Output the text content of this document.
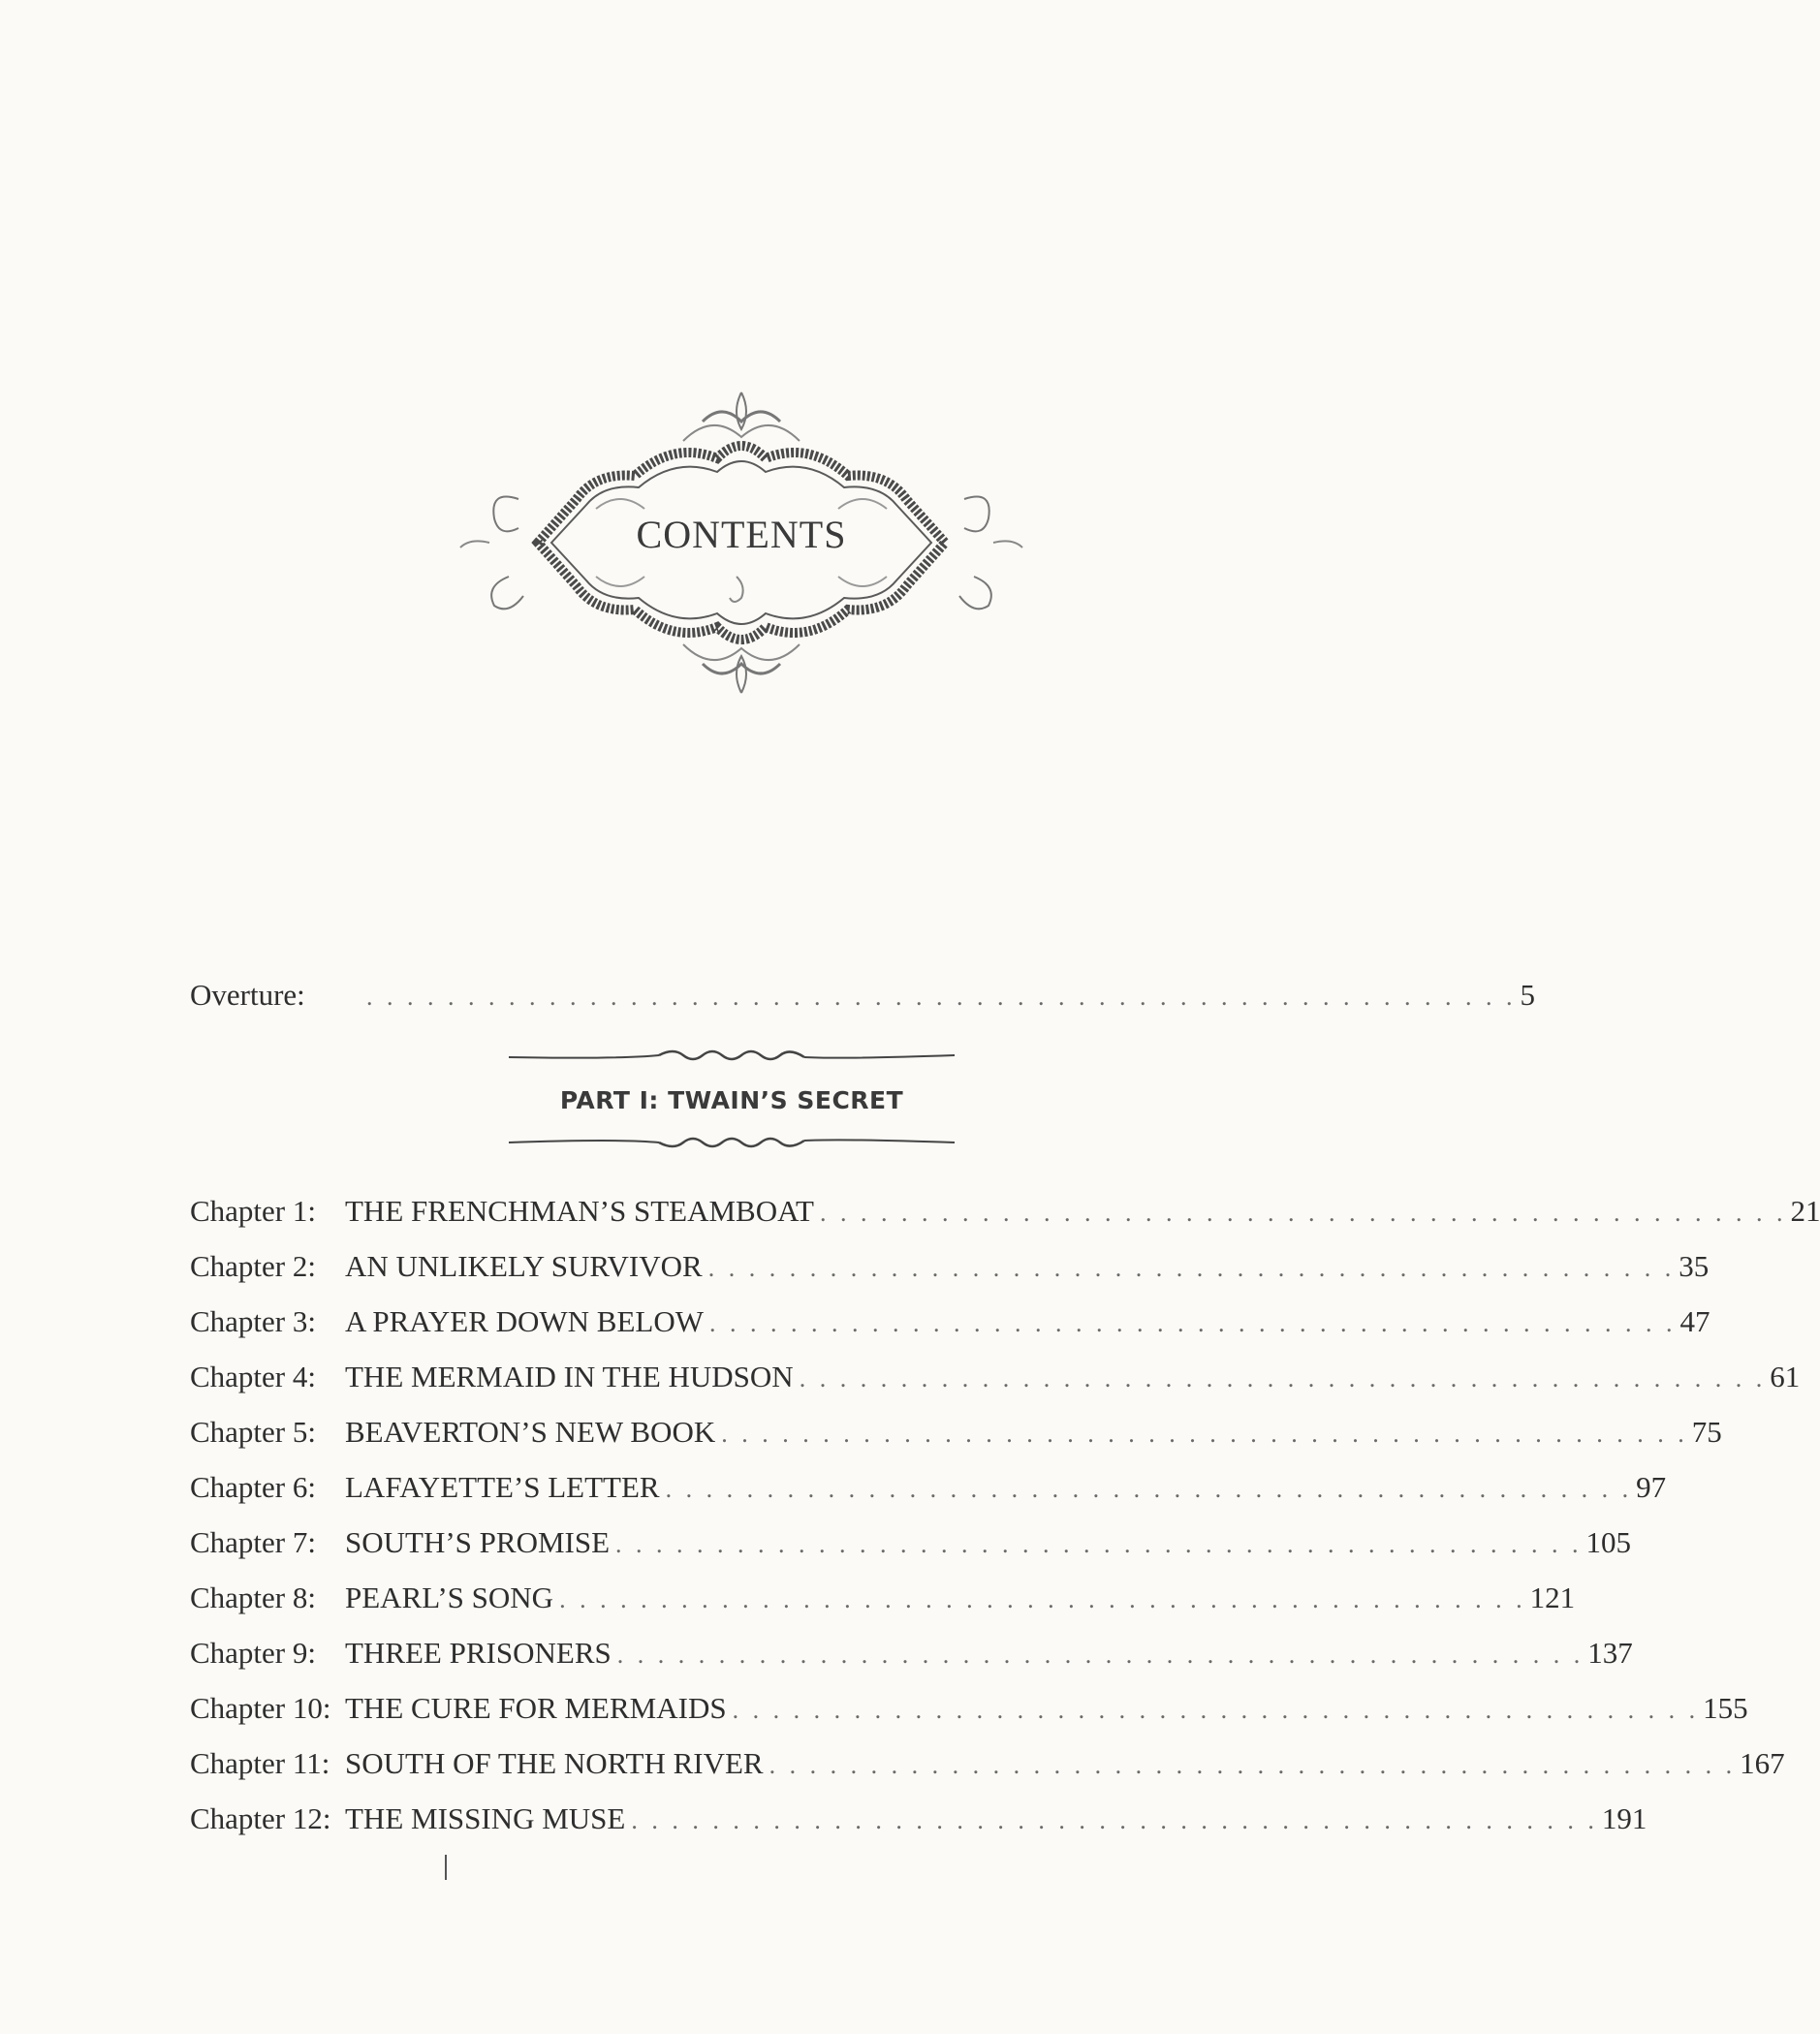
CONTENTS
Overture:	. . . . . . . . . . . . . . . . . . . . . . . . . . . . . . . . . . . . . . . . . . . . . . . . . . . . . . . . . 5
PART I: TWAIN’S SECRET
Chapter 1: THE FRENCHMAN’S STEAMBOAT . . . . . . . . . . . . . . . . . . . . . . . . . . . . . . . . . . . . . . . . . . . . . . . . 21
Chapter 2: AN UNLIKELY SURVIVOR . . . . . . . . . . . . . . . . . . . . . . . . . . . . . . . . . . . . . . . . . . . . . . . . 35
Chapter 3: A PRAYER DOWN BELOW . . . . . . . . . . . . . . . . . . . . . . . . . . . . . . . . . . . . . . . . . . . . . . . . 47
Chapter 4: THE MERMAID IN THE HUDSON . . . . . . . . . . . . . . . . . . . . . . . . . . . . . . . . . . . . . . . . . . . . . . . . 61
Chapter 5: BEAVERTON’S NEW BOOK . . . . . . . . . . . . . . . . . . . . . . . . . . . . . . . . . . . . . . . . . . . . . . . . 75
Chapter 6: LAFAYETTE’S LETTER . . . . . . . . . . . . . . . . . . . . . . . . . . . . . . . . . . . . . . . . . . . . . . . . 97
Chapter 7: SOUTH’S PROMISE . . . . . . . . . . . . . . . . . . . . . . . . . . . . . . . . . . . . . . . . . . . . . . . . 105
Chapter 8: PEARL’S SONG . . . . . . . . . . . . . . . . . . . . . . . . . . . . . . . . . . . . . . . . . . . . . . . . 121
Chapter 9: THREE PRISONERS . . . . . . . . . . . . . . . . . . . . . . . . . . . . . . . . . . . . . . . . . . . . . . . . 137
Chapter 10: THE CURE FOR MERMAIDS . . . . . . . . . . . . . . . . . . . . . . . . . . . . . . . . . . . . . . . . . . . . . . . . 155
Chapter 11: SOUTH OF THE NORTH RIVER . . . . . . . . . . . . . . . . . . . . . . . . . . . . . . . . . . . . . . . . . . . . . . . . 167
Chapter 12: THE MISSING MUSE . . . . . . . . . . . . . . . . . . . . . . . . . . . . . . . . . . . . . . . . . . . . . . . . 191
